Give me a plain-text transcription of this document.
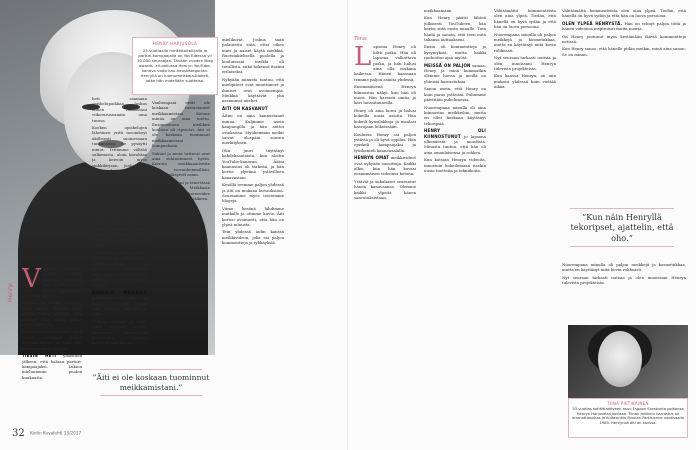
HENRY HARJUSOLA
25-vuotiaalla meikkitaiteilijalla ja parturi-kampaajalla on YouTubessa yli 30 000 seuraajaa. Tänään vuoden Blog awards -kil-pailussa Henryn YouTube-kanava voitti kau-neuskategorian. Henryllä on luomumeikkeja-bloketi, jotka hän midellään suotteisa.
Henry: Varhaisin muistoni äidistä liittyy johonkin asemaan, kun hän veisi minua päiväkotiin ja koulun portille.

Maahan on saturat ensilumi, joten tunsin stenoloi, että polkka baaia mekkin. Joka päivänä hän odotti minua lastennurkassa.

Sitten päivällä pidimme tapaa sanoa tsaolikiini pitkää kävelyä. Kotona en juuri ollut kiinnostunut ja pelasin.

TIESIN HETI ylaastoon jälkeen, että haluan parturi-kampaajaksi. Lukion mieluummin puolen kuukautta.

heti saamaan opiskelupaikkaa. Joskus ennen luokassani viikoturuseamiin oma tuossa.

Koeken opiskelujen lähetinen yritti meomheyt äkillisesti suomessaan tunkanseen. Se pysäytti minut. Yritämme välttää sulkemista, aloin kiiruhtaa ja kerroin myös sinkkikirjaan, jonka hän saattoi selvittää.

Kuokoma toivini etenen kuormaan, ja mikäli Henry pani kankeasti hiukseni ja halusin vielä saada kuvia yhdessä, siellä jotain poltettavaa.

Lapsena olin kaksoisveli ja halusi hän kanssa ja kaikkien kanssa yhteistä ulkona. Henry ja minä kävimme ulkona joka viikonloppu kerhossa ja illalla.

Aloin myös seurata ystäviä, toimittajia ja hakukoneita, leikkikaupunkia ja tietokoneita. Kuvauksen hän ohjasi sydämellisesti. Pidimme oikeasti kaikkia lahjoja.

KOKEILIN MEIKKEJÄ kouluaikoinani, koulussa kellossa, luokassa. Kaiken tein mieleni mukaan ja kuljin.

Uhkuin, kouluni ja teini-iässä tyttöjen tavalla. Meikkasin esimerkiksi kavereiden kanssa koulutuntien jälkeen.

Vanhempani eivät ole koskaan vastustaneet meikkaamistani. Kotona minua on aina tuettu. Ensimmäinen meikkini kouluun oli ripsiväri. Äiti ei ole koskaan tuominnut meikkaamistani kumpaakaan.

Sukuni ja muut tuttavat ovat aina suhtautuneet hyvin. Kerroin meikkaamisesta myös isovanhemmilleni, jotka hyväksyivät asian.

Uhkuin, kouluni ja teini-iässä tyttöjen tavalla. Meikkasin esimerkiksi kavereiden kanssa koulutuntien jälkeen.

”Äiti ei ole koskaan tuominnut meikkamistani.”

mielikuvat. Joskus saan palautetta siitä, ettei oikea mies ja naiset käytä meikkiä. Ruotsinkielisellä puolella ja kouluissani meikki oli tavallista, enkä kokenut itseäni erilaiseksi.

Nykyään minusta tuntuu, että mielipiteet ovat muuttuneet ja ihmiset ovat avoimempia. Meikkiä käyttävät yhä useammat miehet.

ÄITI ON KASVANUT

Äitini on aina kannustanut minua. Kuljimme usein kaupungilla ja hän auttoi ostoksissa. Myöhemmin meikit saivat ulospäin suuren merkityksen.

Olin juuri täyttänyt kahdeksantoista, kun aloitin YouTube-kanavan. Äitini kannustus oli tärkeää, ja hän kertoi ylpeänä ystävilleen kanavastani.

Kesällä teemme paljon yhdessä ja äiti on mukana kuvauksissa. Seuraamme myös toistemme blogeja.

Viime kesänä lähdimme matkalle ja otimme kuvia. Äiti kertoo avoimesti, että hän on ylpeä minusta.

Tein yhdessä äidin kanssa meikkivideon, joka sai paljon kommentteja ja tykkäyksiä.

Tiina:

Lapsena Henry oli kiltti poika. Hän oli lapsena valloittava poika, ja hän halusi aina olla mukana kaikessa. Hänen kanssaan teimme paljon asioita yhdessä.

Ensimmäisenä Henryn kiinnostus näkyi, kun hän oli nuori. Hän harrasti uintia ja kävi tanssitunneilla.

Henry oli aina luova ja halusi kokeilla uusia asioita. Hän kokeili kynsilakkoja ja maalasi kasvojaan leikeissään.

Koulussa Henry sai paljon ystäviä ja oli hyvä oppilas. Hän opiskeli kampaajaksi ja työskenteli kauneusalalla.

HENRYN OMAT meikkivideot ovat nykyään suosittuja. Kaikki alkoi, kun hän kuvasi ensimmäisen videonsa kotona.

Ystävät ja sukulaiset seuraavat hänen kanavaansa. Olemme kaikki ylpeitä hänen saavutuksistaan.

meikkaamaan.

Kun Henry päätti lähteä julkisesti YouTubeen, hän kertoi siitä ensin minulle. Tuin häntä ja sanoin, että teen mitä tahansa auttaakseni.

Ensin oli kommentteja ja kysymyksiä, mutta kaikki rauhoittui ajan myötä.

MEISSÄ ON PALJON samaa. Henry ja minä kummatkin olemme luovia ja meillä on yhteisiä harrastuksia.

Sanon usein, että Henry on kuin paras ystäväni. Puhumme päivittäin puhelimessa.

Nuorempana minulla oli aina kiinnostus meikkeihin, mutta en ollut koskaan käyttänyt tekoripsiä.

HENRY OLI KIINNOSTUNUT jo lapsena ulkonäöstä ja muodista. Minusta tuntuu, että hän oli aina omanlaisensa ja rohkea.

Kun katsoin Henryn videoita, innostuin kokeilemaan itsekin uusia tuotteita ja tekniikoita.

Välittämättä kommenteista olen aina ylpeä. Tiedän, että hänellä on hyvä sydän ja että hän on luova persoona.

Nuorempana minulla oli paljon meikkejä ja kosmetiikkaa, mutta en käyttänyt niitä kovin rohkeasti.

Nyt seuraan tarkasti uutisia ja olen innoissani Henryn tulevista projekteista.

Kun kanssa Henryn, on niin mukava yhdessä kuin viettää aikaa.

Välittämättä kommenteista olen aina ylpeä. Tiedän, että hänellä on hyvä sydän ja että hän on luova persoona.

OLEN YLPEÄ HENRYSTÄ. Hän on tehnyt paljon töitä ja hänen videonsa inspiroivat muita nuoria.

On Henry joutunut myös kestämään ikäviä kommentteja netissä.

Kun Henry sanoo, että hänelle pidän meikin, minä aina sanon: Se on minun.

”Kun näin Henryllä tekoripset, ajattelin, että oho.”

Nuorempana minulla oli paljon meikkejä ja kosmetiikkaa, mutta en käyttänyt niitä kovin rohkeasti.

Nyt seuraan tarkasti uutisia ja olen innoissani Henryn tulevista projekteista.

TIINA PIETIKÄINEN
53-vuotias kotiäitiadityeen asuu Espoon Sorakunta pojkansa Henryn Harjusolan kodissa. Tiinan mikkein harrastus on ammattiasukas ja Kultasinkin Porolan Partisienne vuotisaalla 1985. Henrynsä äiti on kanssa.
32 Kodin Kuvalehti 13/2017
